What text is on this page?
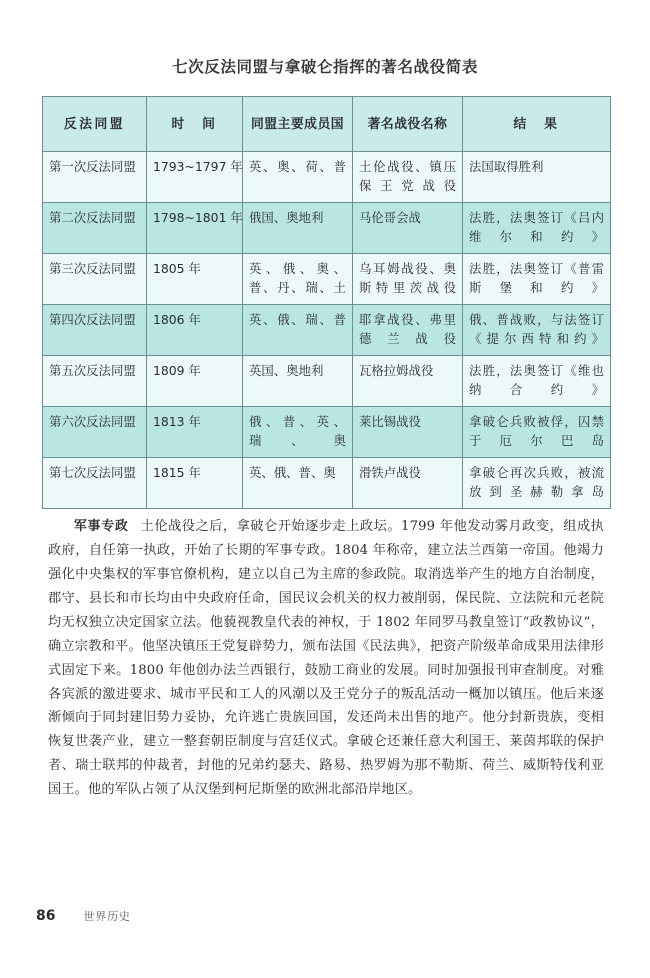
七次反法同盟与拿破仑指挥的著名战役简表
反法同盟	时　间	同盟主要成员国	著名战役名称	结　果
第一次反法同盟	1793~1797 年	英、奥、荷、普	土伦战役、镇压保王党战役	法国取得胜利
第二次反法同盟	1798~1801 年	俄国、奥地利	马伦哥会战	法胜，法奥签订《吕内维尔和约》
第三次反法同盟	1805 年	英、俄、奥、普、丹、瑞、土	乌耳姆战役、奥斯特里茨战役	法胜，法奥签订《普雷斯堡和约》
第四次反法同盟	1806 年	英、俄、瑞、普	耶拿战役、弗里德兰战役	俄、普战败，与法签订《提尔西特和约》
第五次反法同盟	1809 年	英国、奥地利	瓦格拉姆战役	法胜，法奥签订《维也纳合约》
第六次反法同盟	1813 年	俄、普、英、瑞、奥	莱比锡战役	拿破仑兵败被俘，囚禁于厄尔巴岛
第七次反法同盟	1815 年	英、俄、普、奥	滑铁卢战役	拿破仑再次兵败，被流放到圣赫勒拿岛

军事专政 土伦战役之后，拿破仑开始逐步走上政坛。1799 年他发动雾月政变，组成执政府，自任第一执政，开始了长期的军事专政。1804 年称帝，建立法兰西第一帝国。他竭力强化中央集权的军事官僚机构，建立以自己为主席的参政院。取消选举产生的地方自治制度，郡守、县长和市长均由中央政府任命，国民议会机关的权力被削弱，保民院、立法院和元老院均无权独立决定国家立法。他藐视教皇代表的神权，于 1802 年同罗马教皇签订“政教协议”，确立宗教和平。他坚决镇压王党复辟势力，颁布法国《民法典》，把资产阶级革命成果用法律形式固定下来。1800 年他创办法兰西银行，鼓励工商业的发展。同时加强报刊审查制度。对雅各宾派的激进要求、城市平民和工人的风潮以及王党分子的叛乱活动一概加以镇压。他后来逐渐倾向于同封建旧势力妥协，允许逃亡贵族回国，发还尚未出售的地产。他分封新贵族，变相恢复世袭产业，建立一整套朝臣制度与宫廷仪式。拿破仑还兼任意大利国王、莱茵邦联的保护者、瑞士联邦的仲裁者，封他的兄弟约瑟夫、路易、热罗姆为那不勒斯、荷兰、威斯特伐利亚国王。他的军队占领了从汉堡到柯尼斯堡的欧洲北部沿岸地区。

86	世界历史
